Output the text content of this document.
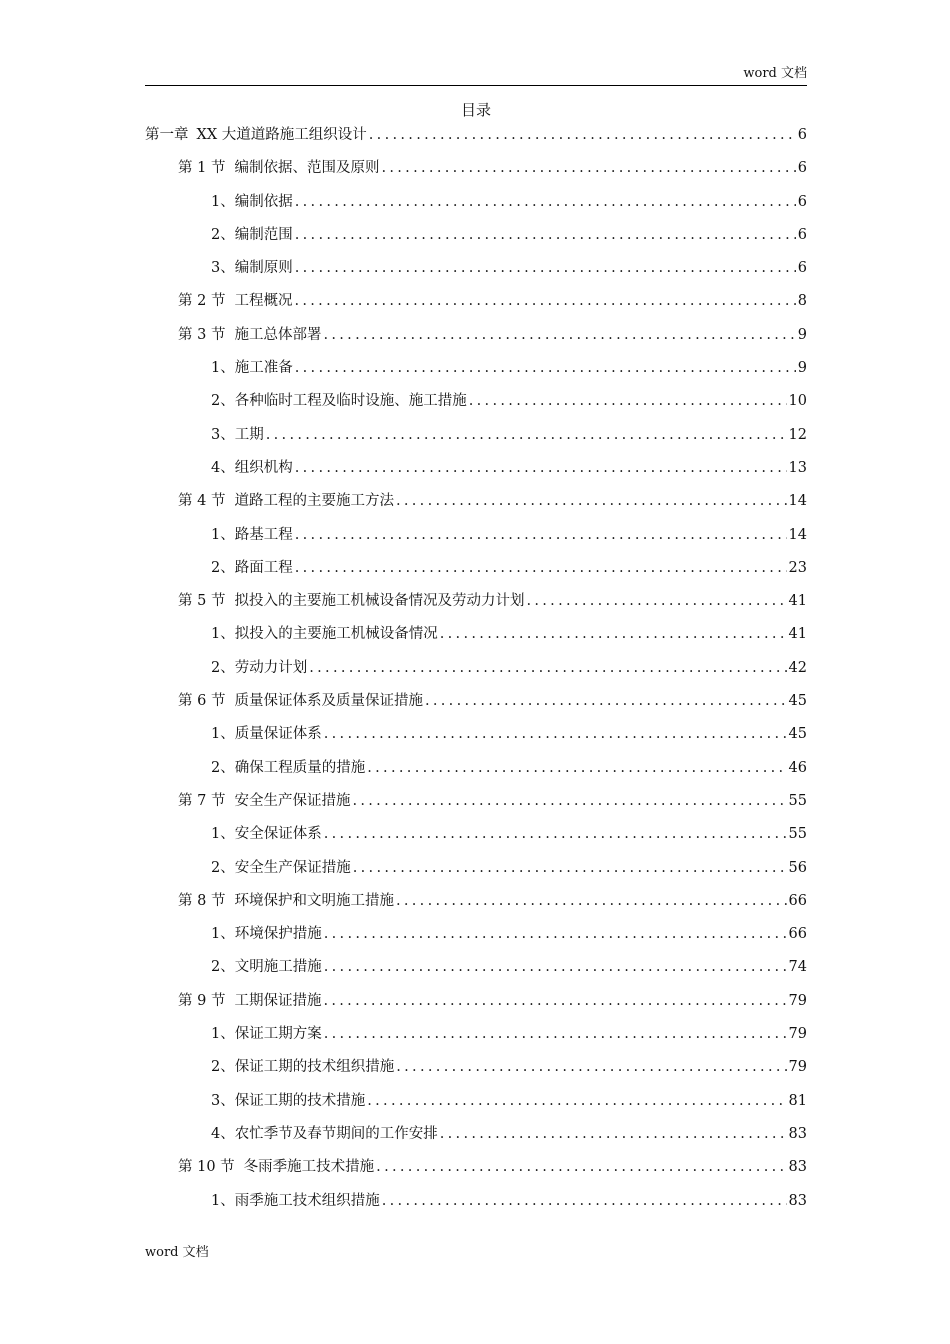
word 文档
目录
第一章 XX 大道道路施工组织设计 .....	6
第 1 节 编制依据、范围及原则 .....	6
1、 编制依据 .....	6
2、 编制范围 .....	6
3、 编制原则 .....	6
第 2 节 工程概况 .....	8
第 3 节 施工总体部署 .....	9
1、 施工准备 .....	9
2、 各种临时工程及临时设施、施工措施 .....	10
3、 工期 .....	12
4、 组织机构 .....	13
第 4 节 道路工程的主要施工方法 .....	14
1、 路基工程 .....	14
2、 路面工程 .....	23
第 5 节 拟投入的主要施工机械设备情况及劳动力计划 .....	41
1、 拟投入的主要施工机械设备情况 .....	41
2、 劳动力计划 .....	42
第 6 节 质量保证体系及质量保证措施 .....	45
1、 质量保证体系 .....	45
2、 确保工程质量的措施 .....	46
第 7 节 安全生产保证措施 .....	55
1、 安全保证体系 .....	55
2、 安全生产保证措施 .....	56
第 8 节 环境保护和文明施工措施 .....	66
1、 环境保护措施 .....	66
2、 文明施工措施 .....	74
第 9 节 工期保证措施 .....	79
1、 保证工期方案 .....	79
2、 保证工期的技术组织措施 .....	79
3、 保证工期的技术措施 .....	81
4、 农忙季节及春节期间的工作安排 .....	83
第 10 节 冬雨季施工技术措施 .....	83
1、 雨季施工技术组织措施 .....	83
word 文档
